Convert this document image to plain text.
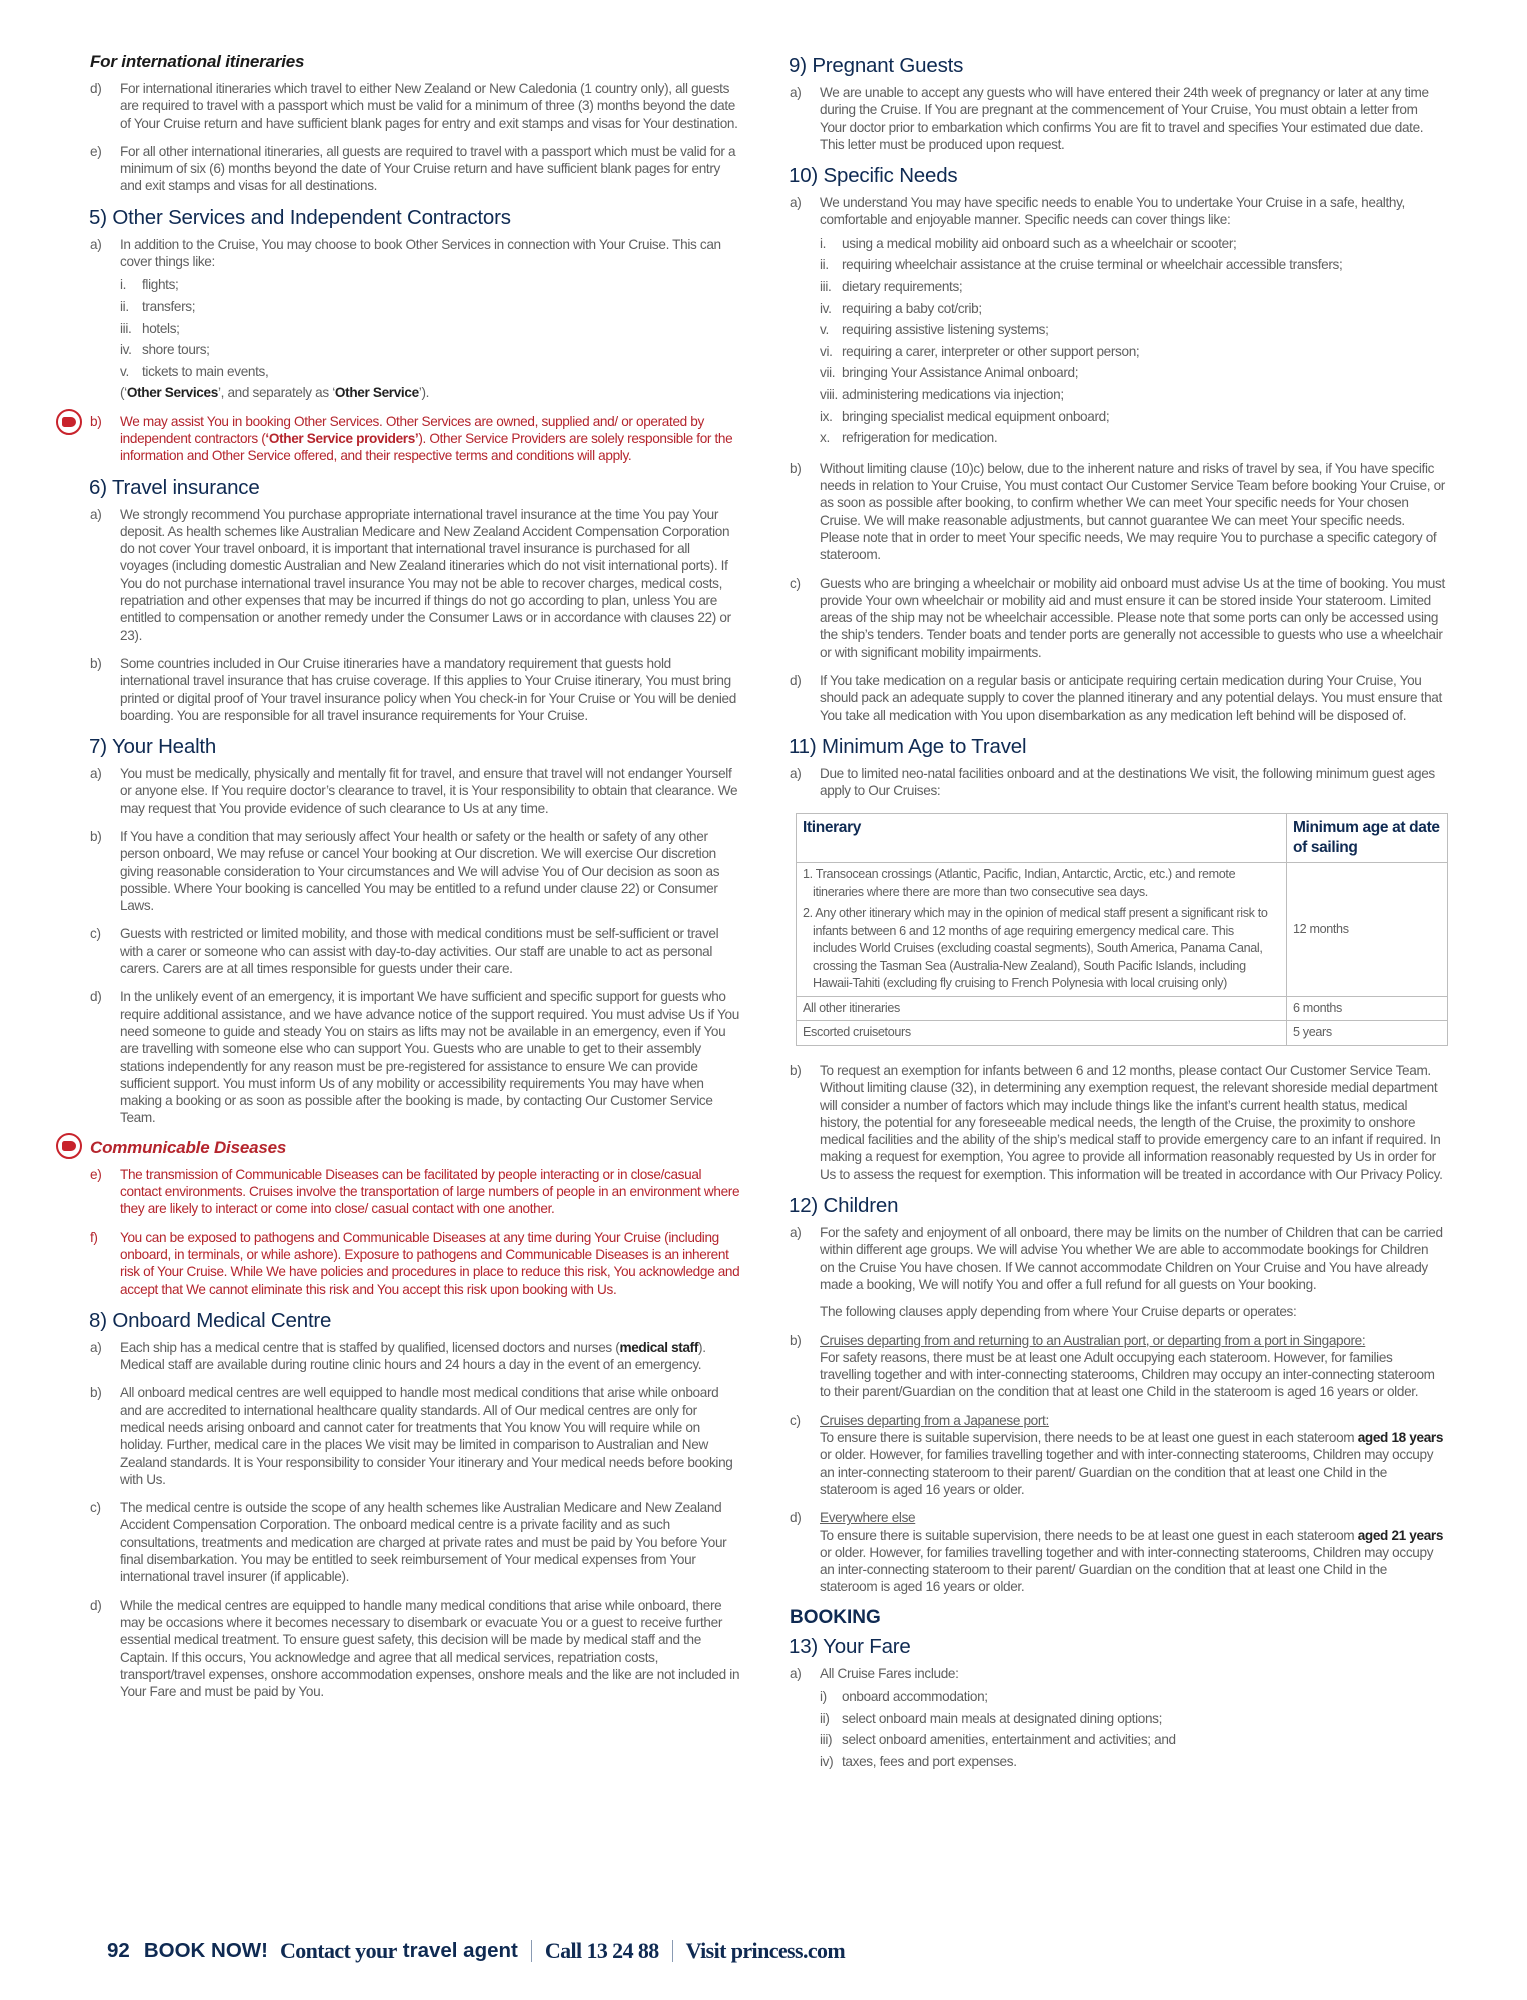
For international itineraries
d) For international itineraries which travel to either New Zealand or New Caledonia (1 country only), all guests are required to travel with a passport which must be valid for a minimum of three (3) months beyond the date of Your Cruise return and have sufficient blank pages for entry and exit stamps and visas for Your destination.
e) For all other international itineraries, all guests are required to travel with a passport which must be valid for a minimum of six (6) months beyond the date of Your Cruise return and have sufficient blank pages for entry and exit stamps and visas for all destinations.
5) Other Services and Independent Contractors
a) In addition to the Cruise, You may choose to book Other Services in connection with Your Cruise. This can cover things like:
i. flights;
ii. transfers;
iii. hotels;
iv. shore tours;
v. tickets to main events,
(‘Other Services’, and separately as ‘Other Service’).
b) We may assist You in booking Other Services. Other Services are owned, supplied and/ or operated by independent contractors (‘Other Service providers’). Other Service Providers are solely responsible for the information and Other Service offered, and their respective terms and conditions will apply.
6) Travel insurance
a) We strongly recommend You purchase appropriate international travel insurance at the time You pay Your deposit. As health schemes like Australian Medicare and New Zealand Accident Compensation Corporation do not cover Your travel onboard, it is important that international travel insurance is purchased for all voyages (including domestic Australian and New Zealand itineraries which do not visit international ports). If You do not purchase international travel insurance You may not be able to recover charges, medical costs, repatriation and other expenses that may be incurred if things do not go according to plan, unless You are entitled to compensation or another remedy under the Consumer Laws or in accordance with clauses 22) or 23).
b) Some countries included in Our Cruise itineraries have a mandatory requirement that guests hold international travel insurance that has cruise coverage. If this applies to Your Cruise itinerary, You must bring printed or digital proof of Your travel insurance policy when You check-in for Your Cruise or You will be denied boarding. You are responsible for all travel insurance requirements for Your Cruise.
7) Your Health
a) You must be medically, physically and mentally fit for travel, and ensure that travel will not endanger Yourself or anyone else. If You require doctor’s clearance to travel, it is Your responsibility to obtain that clearance. We may request that You provide evidence of such clearance to Us at any time.
b) If You have a condition that may seriously affect Your health or safety or the health or safety of any other person onboard, We may refuse or cancel Your booking at Our discretion. We will exercise Our discretion giving reasonable consideration to Your circumstances and We will advise You of Our decision as soon as possible. Where Your booking is cancelled You may be entitled to a refund under clause 22) or Consumer Laws.
c) Guests with restricted or limited mobility, and those with medical conditions must be self-sufficient or travel with a carer or someone who can assist with day-to-day activities. Our staff are unable to act as personal carers. Carers are at all times responsible for guests under their care.
d) In the unlikely event of an emergency, it is important We have sufficient and specific support for guests who require additional assistance, and we have advance notice of the support required. You must advise Us if You need someone to guide and steady You on stairs as lifts may not be available in an emergency, even if You are travelling with someone else who can support You. Guests who are unable to get to their assembly stations independently for any reason must be pre-registered for assistance to ensure We can provide sufficient support. You must inform Us of any mobility or accessibility requirements You may have when making a booking or as soon as possible after the booking is made, by contacting Our Customer Service Team.
Communicable Diseases
e) The transmission of Communicable Diseases can be facilitated by people interacting or in close/casual contact environments. Cruises involve the transportation of large numbers of people in an environment where they are likely to interact or come into close/ casual contact with one another.
f) You can be exposed to pathogens and Communicable Diseases at any time during Your Cruise (including onboard, in terminals, or while ashore). Exposure to pathogens and Communicable Diseases is an inherent risk of Your Cruise. While We have policies and procedures in place to reduce this risk, You acknowledge and accept that We cannot eliminate this risk and You accept this risk upon booking with Us.
8) Onboard Medical Centre
a) Each ship has a medical centre that is staffed by qualified, licensed doctors and nurses (medical staff). Medical staff are available during routine clinic hours and 24 hours a day in the event of an emergency.
b) All onboard medical centres are well equipped to handle most medical conditions that arise while onboard and are accredited to international healthcare quality standards. All of Our medical centres are only for medical needs arising onboard and cannot cater for treatments that You know You will require while on holiday. Further, medical care in the places We visit may be limited in comparison to Australian and New Zealand standards. It is Your responsibility to consider Your itinerary and Your medical needs before booking with Us.
c) The medical centre is outside the scope of any health schemes like Australian Medicare and New Zealand Accident Compensation Corporation. The onboard medical centre is a private facility and as such consultations, treatments and medication are charged at private rates and must be paid by You before Your final disembarkation. You may be entitled to seek reimbursement of Your medical expenses from Your international travel insurer (if applicable).
d) While the medical centres are equipped to handle many medical conditions that arise while onboard, there may be occasions where it becomes necessary to disembark or evacuate You or a guest to receive further essential medical treatment. To ensure guest safety, this decision will be made by medical staff and the Captain. If this occurs, You acknowledge and agree that all medical services, repatriation costs, transport/travel expenses, onshore accommodation expenses, onshore meals and the like are not included in Your Fare and must be paid by You.
9) Pregnant Guests
a) We are unable to accept any guests who will have entered their 24th week of pregnancy or later at any time during the Cruise. If You are pregnant at the commencement of Your Cruise, You must obtain a letter from Your doctor prior to embarkation which confirms You are fit to travel and specifies Your estimated due date. This letter must be produced upon request.
10) Specific Needs
a) We understand You may have specific needs to enable You to undertake Your Cruise in a safe, healthy, comfortable and enjoyable manner. Specific needs can cover things like:
i. using a medical mobility aid onboard such as a wheelchair or scooter;
ii. requiring wheelchair assistance at the cruise terminal or wheelchair accessible transfers;
iii. dietary requirements;
iv. requiring a baby cot/crib;
v. requiring assistive listening systems;
vi. requiring a carer, interpreter or other support person;
vii. bringing Your Assistance Animal onboard;
viii. administering medications via injection;
ix. bringing specialist medical equipment onboard;
x. refrigeration for medication.
b) Without limiting clause (10)c) below, due to the inherent nature and risks of travel by sea, if You have specific needs in relation to Your Cruise, You must contact Our Customer Service Team before booking Your Cruise, or as soon as possible after booking, to confirm whether We can meet Your specific needs for Your chosen Cruise. We will make reasonable adjustments, but cannot guarantee We can meet Your specific needs. Please note that in order to meet Your specific needs, We may require You to purchase a specific category of stateroom.
c) Guests who are bringing a wheelchair or mobility aid onboard must advise Us at the time of booking. You must provide Your own wheelchair or mobility aid and must ensure it can be stored inside Your stateroom. Limited areas of the ship may not be wheelchair accessible. Please note that some ports can only be accessed using the ship’s tenders. Tender boats and tender ports are generally not accessible to guests who use a wheelchair or with significant mobility impairments.
d) If You take medication on a regular basis or anticipate requiring certain medication during Your Cruise, You should pack an adequate supply to cover the planned itinerary and any potential delays. You must ensure that You take all medication with You upon disembarkation as any medication left behind will be disposed of.
11) Minimum Age to Travel
a) Due to limited neo-natal facilities onboard and at the destinations We visit, the following minimum guest ages apply to Our Cruises:
Itinerary	Minimum age at date of sailing

1. Transocean crossings (Atlantic, Pacific, Indian, Antarctic, Arctic, etc.) and remote itineraries where there are more than two consecutive sea days.
2. Any other itinerary which may in the opinion of medical staff present a significant risk to infants between 6 and 12 months of age requiring emergency medical care. This includes World Cruises (excluding coastal segments), South America, Panama Canal, crossing the Tasman Sea (Australia-New Zealand), South Pacific Islands, including Hawaii-Tahiti (excluding fly cruising to French Polynesia with local cruising only)
	12 months
All other itineraries	6 months
Escorted cruisetours	5 years
b) To request an exemption for infants between 6 and 12 months, please contact Our Customer Service Team. Without limiting clause (32), in determining any exemption request, the relevant shoreside medial department will consider a number of factors which may include things like the infant’s current health status, medical history, the potential for any foreseeable medical needs, the length of the Cruise, the proximity to onshore medical facilities and the ability of the ship’s medical staff to provide emergency care to an infant if required. In making a request for exemption, You agree to provide all information reasonably requested by Us in order for Us to assess the request for exemption. This information will be treated in accordance with Our Privacy Policy.
12) Children
a) For the safety and enjoyment of all onboard, there may be limits on the number of Children that can be carried within different age groups. We will advise You whether We are able to accommodate bookings for Children on the Cruise You have chosen. If We cannot accommodate Children on Your Cruise and You have already made a booking, We will notify You and offer a full refund for all guests on Your booking.

The following clauses apply depending from where Your Cruise departs or operates:

b) Cruises departing from and returning to an Australian port, or departing from a port in Singapore:
For safety reasons, there must be at least one Adult occupying each stateroom. However, for families travelling together and with inter-connecting staterooms, Children may occupy an inter-connecting stateroom to their parent/Guardian on the condition that at least one Child in the stateroom is aged 16 years or older.
c) Cruises departing from a Japanese port:
To ensure there is suitable supervision, there needs to be at least one guest in each stateroom aged 18 years or older. However, for families travelling together and with inter-connecting staterooms, Children may occupy an inter-connecting stateroom to their parent/ Guardian on the condition that at least one Child in the stateroom is aged 16 years or older.
d) Everywhere else
To ensure there is suitable supervision, there needs to be at least one guest in each stateroom aged 21 years or older. However, for families travelling together and with inter-connecting staterooms, Children may occupy an inter-connecting stateroom to their parent/ Guardian on the condition that at least one Child in the stateroom is aged 16 years or older.
BOOKING
13) Your Fare
a) All Cruise Fares include:
i) onboard accommodation;
ii) select onboard main meals at designated dining options;
iii) select onboard amenities, entertainment and activities; and
iv) taxes, fees and port expenses.
92 BOOK NOW! Contact your travel agent Call 13 24 88 Visit princess.com
